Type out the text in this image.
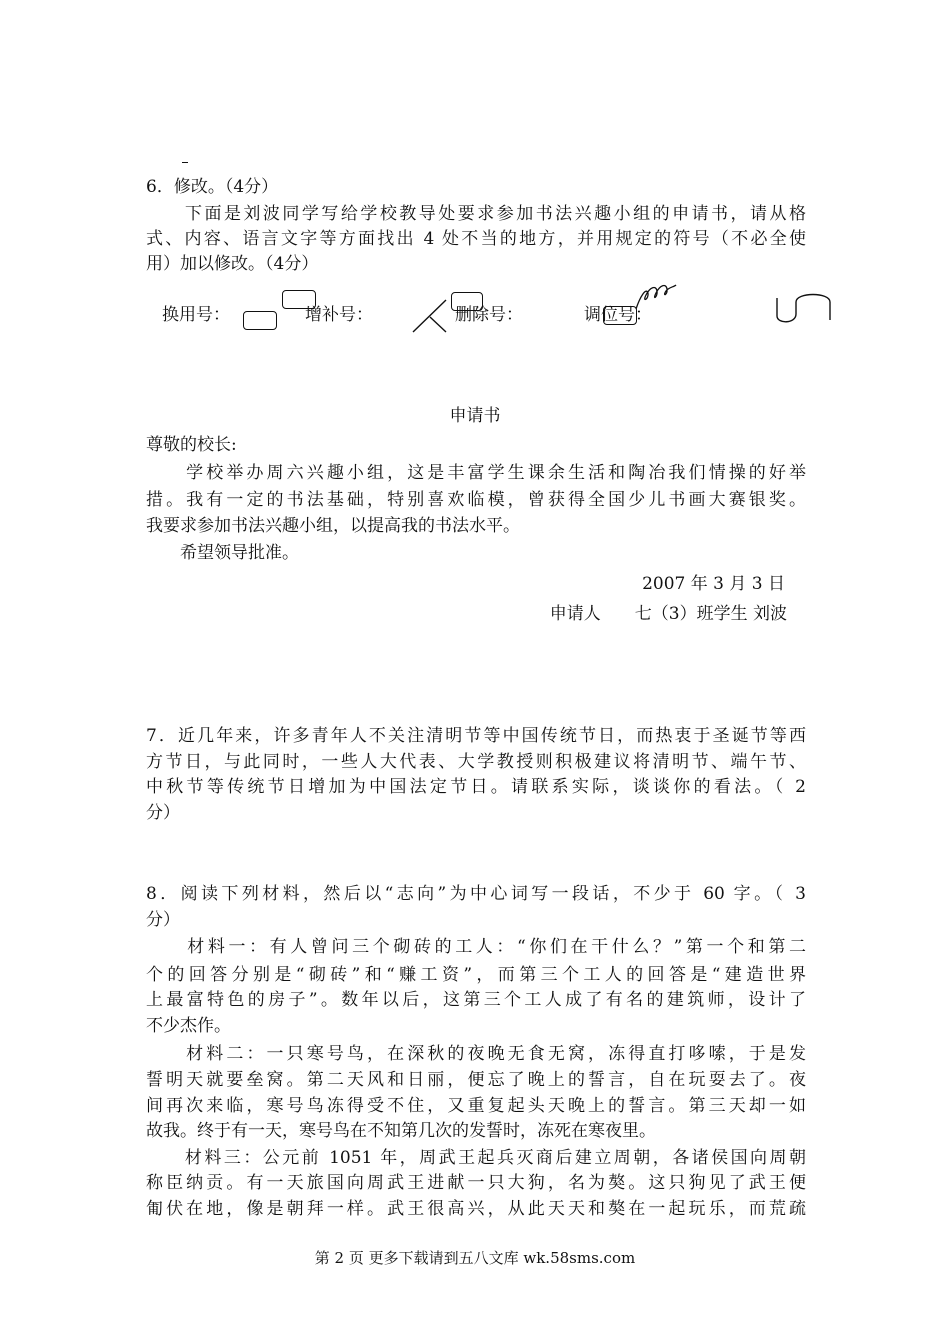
6．修改。（4分）
　　下面是刘波同学写给学校教导处要求参加书法兴趣小组的申请书，请从格
式、内容、语言文字等方面找出 4 处不当的地方，并用规定的符号（不必全使
用）加以修改。（4分）
换用号：	增补号：	删除号：	调位号：
申请书
尊敬的校长:
　　学校举办周六兴趣小组，这是丰富学生课余生活和陶冶我们情操的好举
措。我有一定的书法基础，特别喜欢临模，曾获得全国少儿书画大赛银奖。
我要求参加书法兴趣小组，以提高我的书法水平。
　　希望领导批准。
2007 年 3 月 3 日
申请人　　七（3）班学生 刘波
7．近几年来，许多青年人不关注清明节等中国传统节日，而热衷于圣诞节等西
方节日，与此同时，一些人大代表、大学教授则积极建议将清明节、端午节、
中秋节等传统节日增加为中国法定节日。请联系实际，谈谈你的看法。（ 2
分）
8．阅读下列材料，然后以“志向”为中心词写一段话，不少于 60 字。（ 3
分）
　　材料一：有人曾问三个砌砖的工人：“你们在干什么？”第一个和第二
个的回答分别是“砌砖”和“赚工资”，而第三个工人的回答是“建造世界
上最富特色的房子”。数年以后，这第三个工人成了有名的建筑师，设计了
不少杰作。
　　材料二：一只寒号鸟，在深秋的夜晚无食无窝，冻得直打哆嗦，于是发
誓明天就要垒窝。第二天风和日丽，便忘了晚上的誓言，自在玩耍去了。夜
间再次来临，寒号鸟冻得受不住，又重复起头天晚上的誓言。第三天却一如
故我。终于有一天，寒号鸟在不知第几次的发誓时，冻死在寒夜里。
　　材料三：公元前 1051 年，周武王起兵灭商后建立周朝，各诸侯国向周朝
称臣纳贡。有一天旅国向周武王进献一只大狗，名为獒。这只狗见了武王便
匍伏在地，像是朝拜一样。武王很高兴，从此天天和獒在一起玩乐，而荒疏
第 2 页 更多下载请到五八文库 wk.58sms.com
